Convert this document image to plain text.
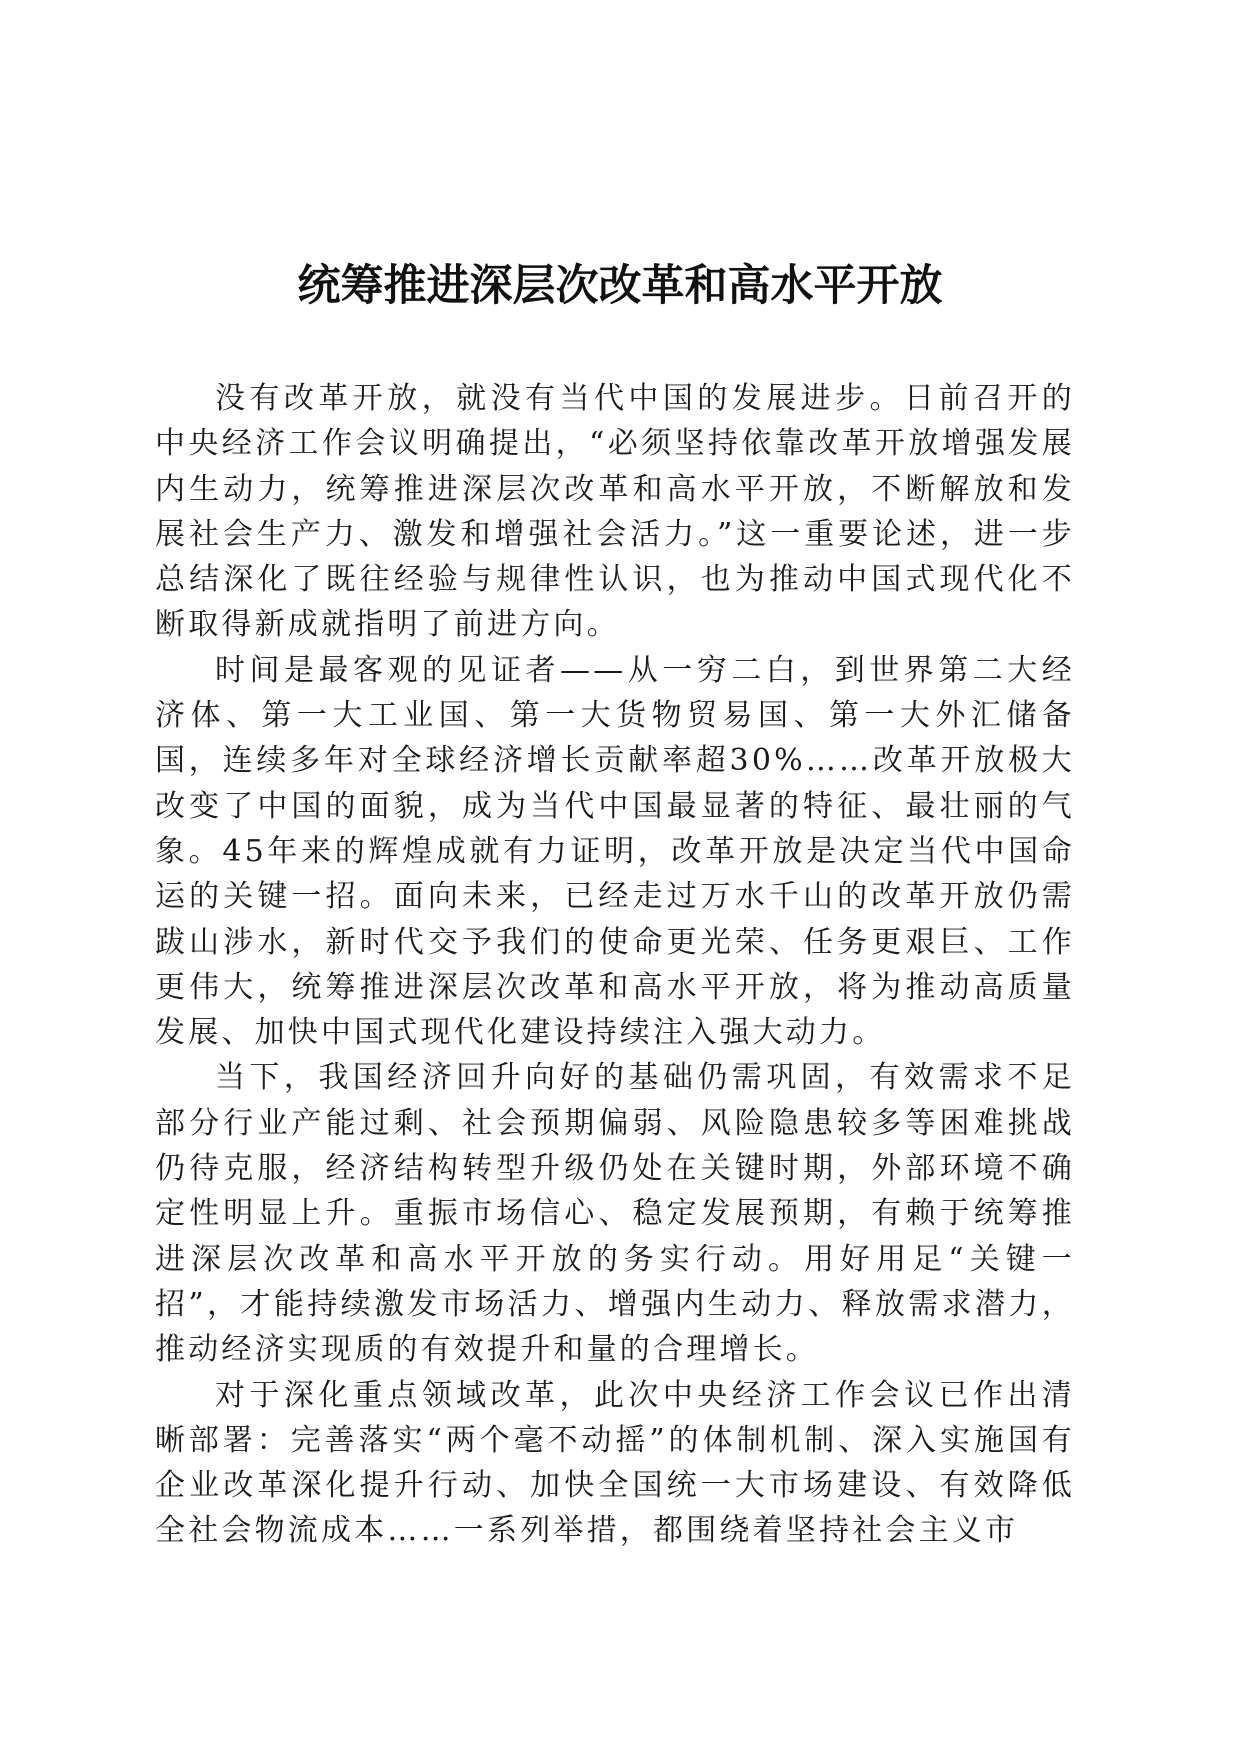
统筹推进深层次改革和高水平开放

没有改革开放，就没有当代中国的发展进步。日前召开的中央经济工作会议明确提出，“必须坚持依靠改革开放增强发展内生动力，统筹推进深层次改革和高水平开放，不断解放和发展社会生产力、激发和增强社会活力。”这一重要论述，进一步总结深化了既往经验与规律性认识，也为推动中国式现代化不断取得新成就指明了前进方向。

时间是最客观的见证者——从一穷二白，到世界第二大经济体、第一大工业国、第一大货物贸易国、第一大外汇储备国，连续多年对全球经济增长贡献率超30%……改革开放极大改变了中国的面貌，成为当代中国最显著的特征、最壮丽的气象。45年来的辉煌成就有力证明，改革开放是决定当代中国命运的关键一招。面向未来，已经走过万水千山的改革开放仍需跋山涉水，新时代交予我们的使命更光荣、任务更艰巨、工作更伟大，统筹推进深层次改革和高水平开放，将为推动高质量发展、加快中国式现代化建设持续注入强大动力。

当下，我国经济回升向好的基础仍需巩固，有效需求不足部分行业产能过剩、社会预期偏弱、风险隐患较多等困难挑战仍待克服，经济结构转型升级仍处在关键时期，外部环境不确定性明显上升。重振市场信心、稳定发展预期，有赖于统筹推进深层次改革和高水平开放的务实行动。用好用足“关键一招”，才能持续激发市场活力、增强内生动力、释放需求潜力，推动经济实现质的有效提升和量的合理增长。

对于深化重点领域改革，此次中央经济工作会议已作出清晰部署：完善落实“两个毫不动摇”的体制机制、深入实施国有企业改革深化提升行动、加快全国统一大市场建设、有效降低全社会物流成本……一系列举措，都围绕着坚持社会主义市
